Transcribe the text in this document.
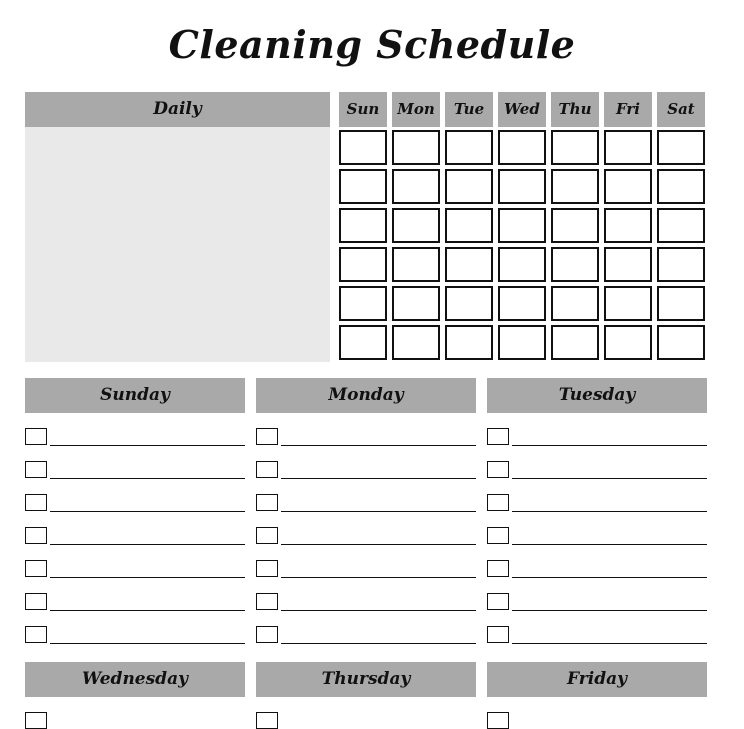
Cleaning Schedule
Daily	Sun	Mon	Tue	Wed	Thu	Fri	Sat
Sunday	Monday	Tuesday
Wednesday	Thursday	Friday
